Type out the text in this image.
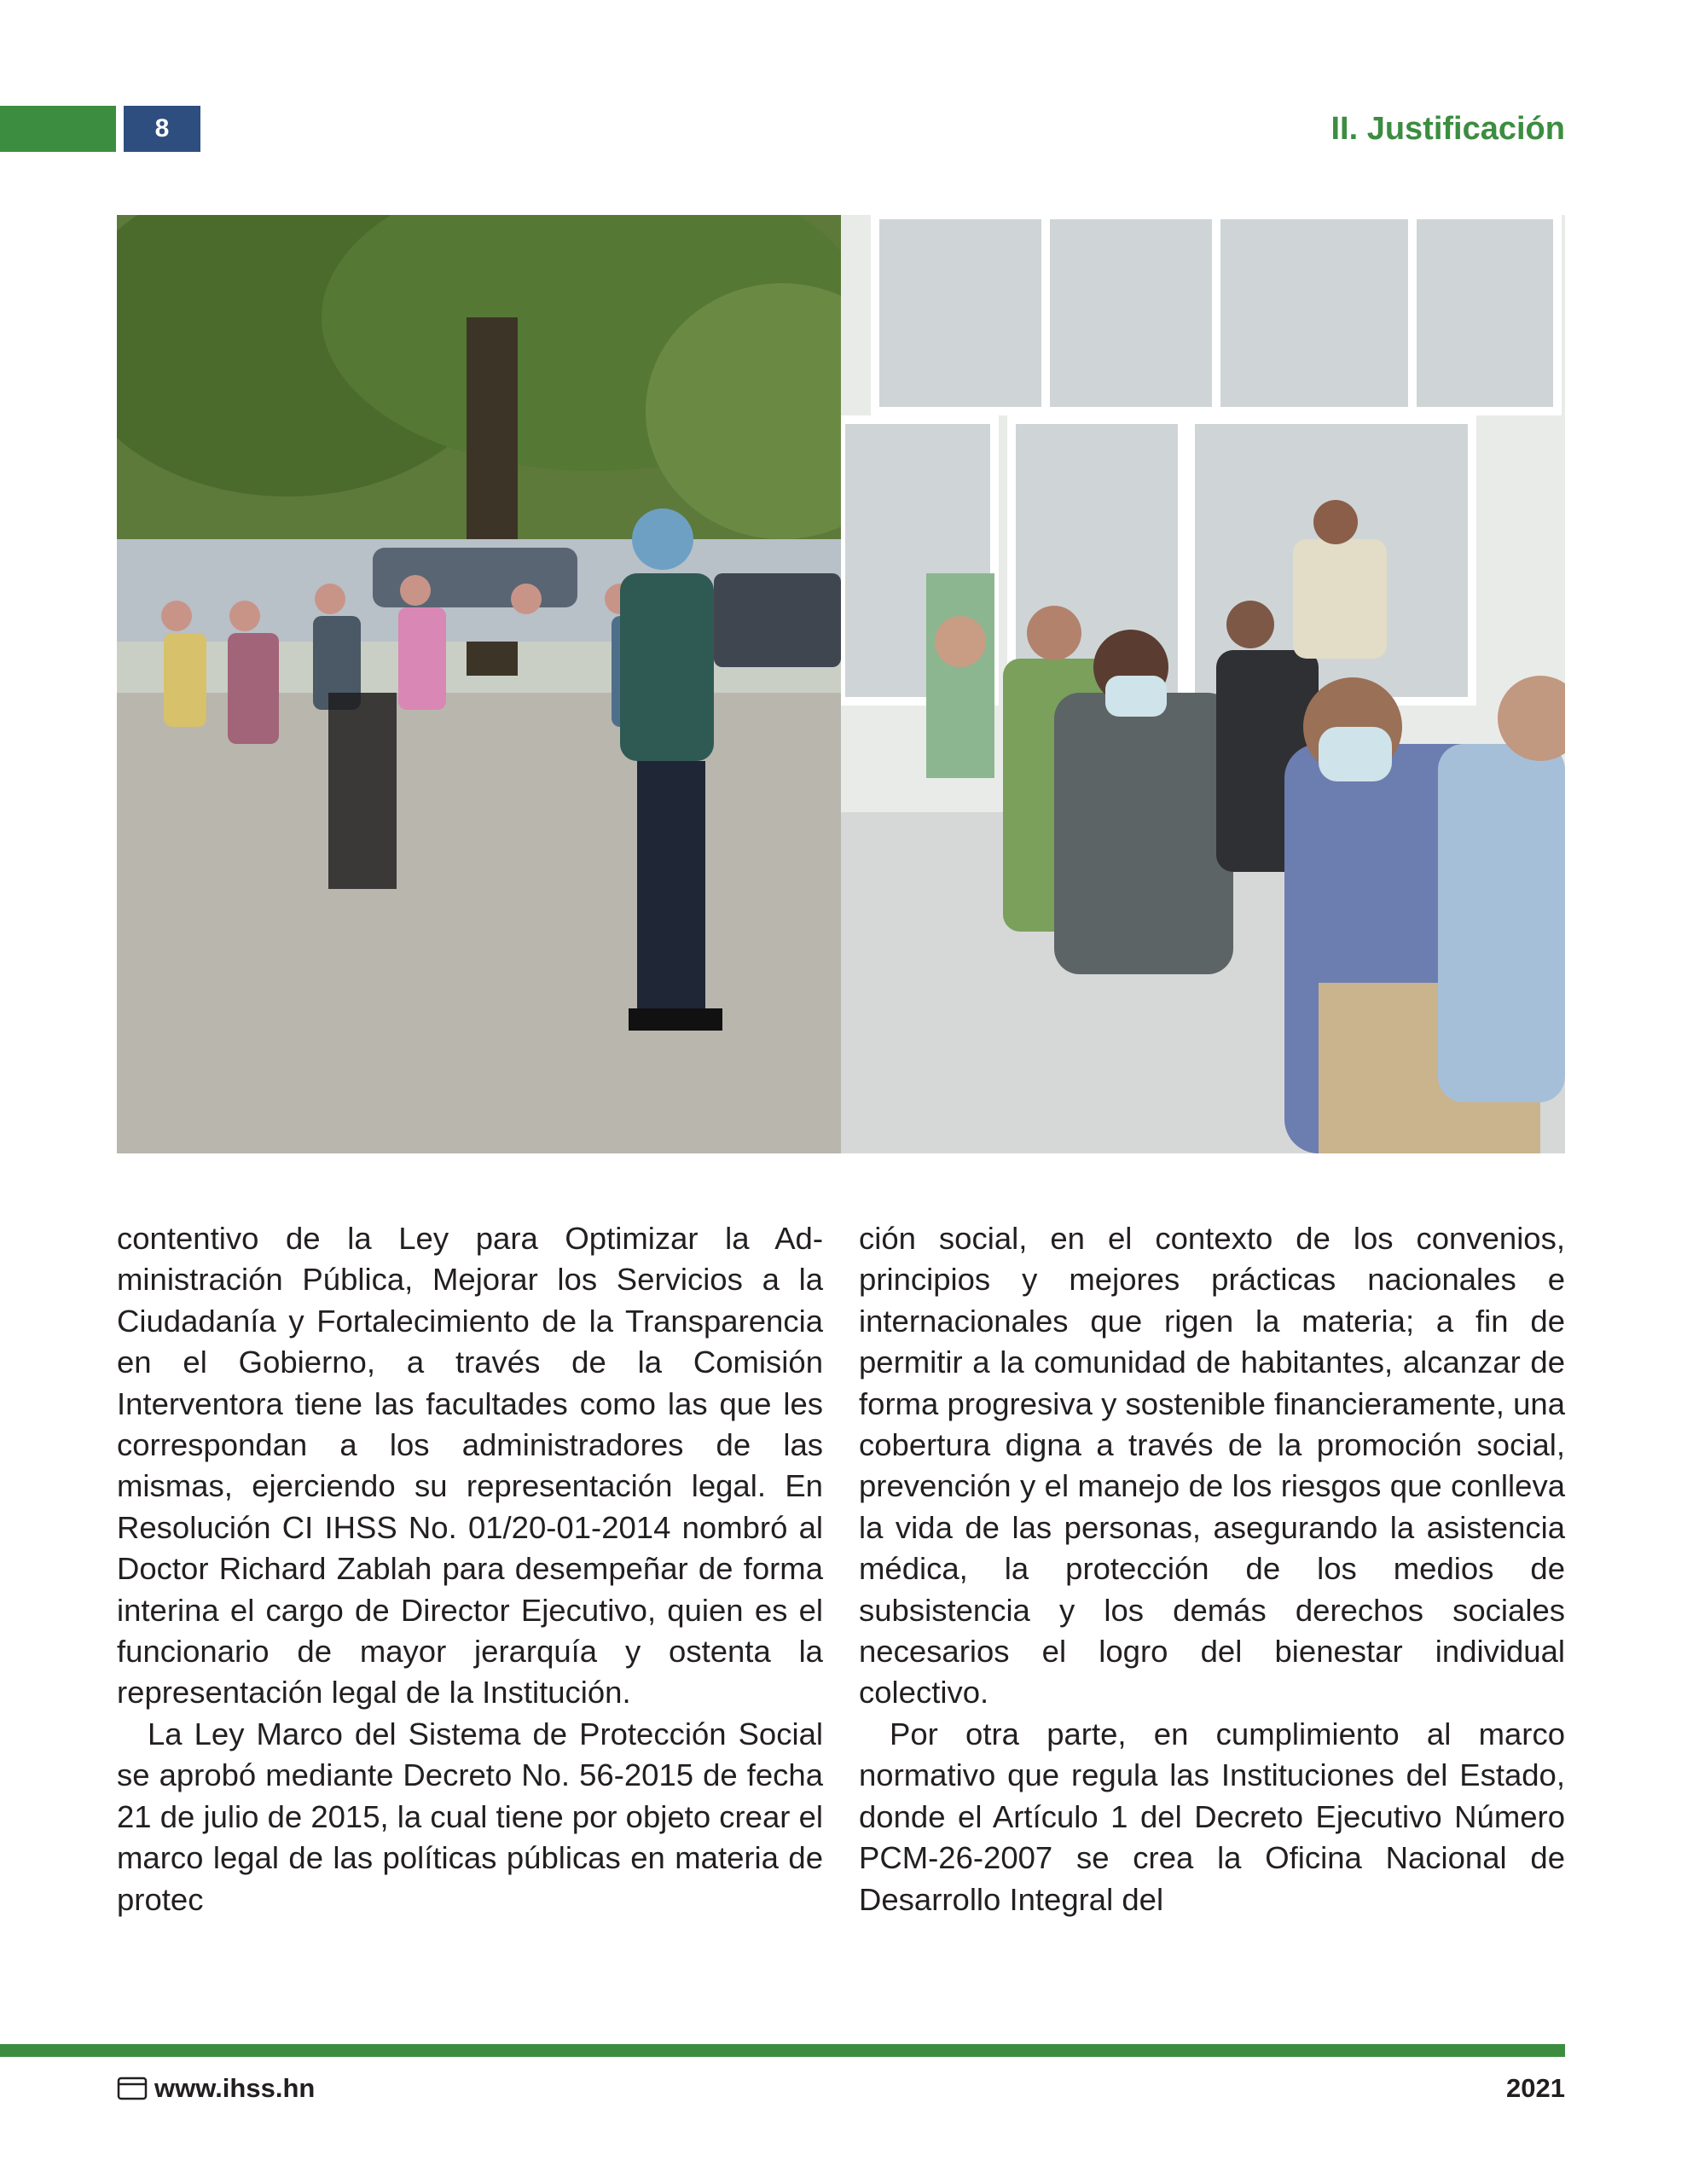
8	II. Justificación

contentivo de la Ley para Optimizar la Administración Pública, Mejorar los Servicios a la Ciudadanía y Fortalecimiento de la Transparencia en el Gobierno, a través de la Comisión Interventora tiene las facultades como las que les correspondan a los administradores de las mismas, ejerciendo su representación legal. En Resolución CI IHSS No. 01/20-01-2014 nombró al Doctor Richard Zablah para desempeñar de forma interina el cargo de Director Ejecutivo, quien es el funcionario de mayor jerarquía y ostenta la representación legal de la Institución.

La Ley Marco del Sistema de Protección Social se aprobó mediante Decreto No. 56-2015 de fecha 21 de julio de 2015, la cual tiene por objeto crear el marco legal de las políticas públicas en materia de protec

ción social, en el contexto de los convenios, principios y mejores prácticas nacionales e internacionales que rigen la materia; a fin de permitir a la comunidad de habitantes, alcanzar de forma progresiva y sostenible financieramente, una cobertura digna a través de la promoción social, prevención y el manejo de los riesgos que conlleva la vida de las personas, asegurando la asistencia médica, la protección de los medios de subsistencia y los demás derechos sociales necesarios el logro del bienestar individual colectivo.

Por otra parte, en cumplimiento al marco normativo que regula las Instituciones del Estado, donde el Artículo 1 del Decreto Ejecutivo Número PCM-26-2007 se crea la Oficina Nacional de Desarrollo Integral del

www.ihss.hn	2021
